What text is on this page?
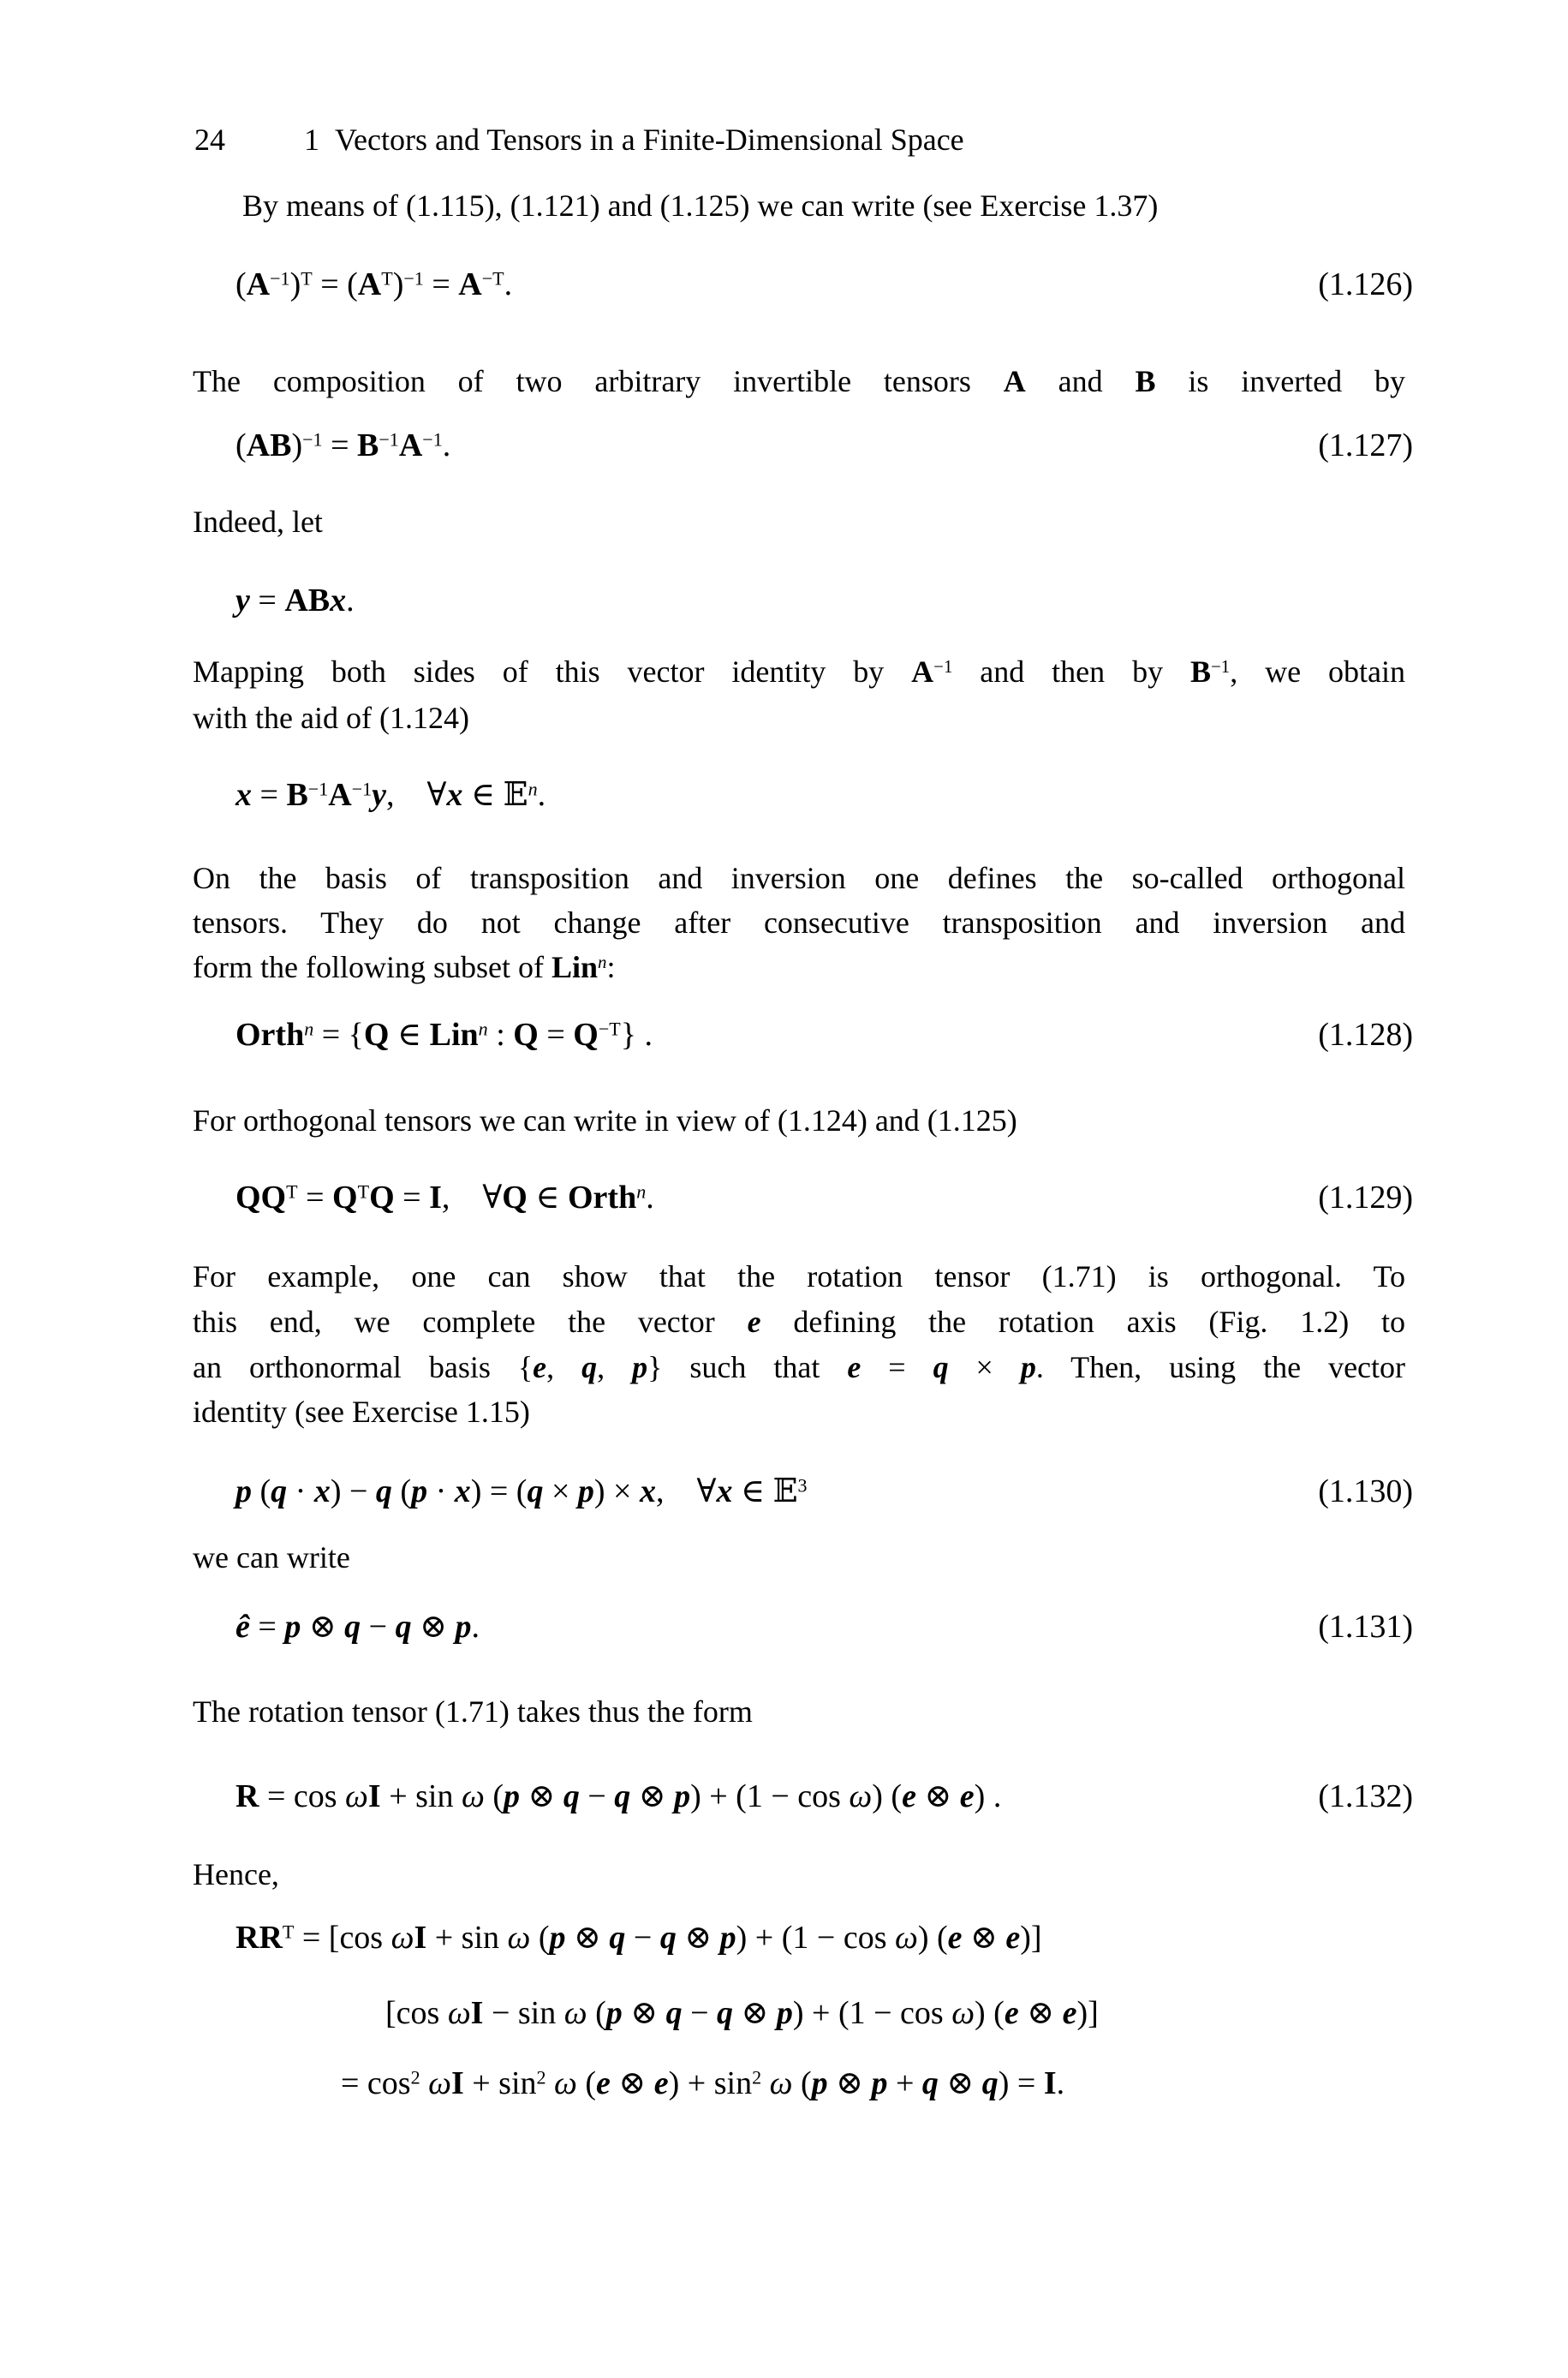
24	1 Vectors and Tensors in a Finite-Dimensional Space
By means of (1.115), (1.121) and (1.125) we can write (see Exercise 1.37)
$(A^{-1})^T = (A^T)^{-1} = A^{-T}$.	(1.126)
The composition of two arbitrary invertible tensors A and B is inverted by
$(AB)^{-1} = B^{-1}A^{-1}$.	(1.127)
Indeed, let
y = ABx.
Mapping both sides of this vector identity by $A^{-1}$ and then by $B^{-1}$, we obtain
with the aid of (1.124)
$x = B^{-1}A^{-1}y$,  ∀x ∈ 𝔼$^n$.
On the basis of transposition and inversion one defines the so-called orthogonal
tensors. They do not change after consecutive transposition and inversion and
form the following subset of Lin$^n$:
Orth$^n$ = {Q ∈ Lin$^n$ : $Q = Q^{-T}$} .	(1.128)
For orthogonal tensors we can write in view of (1.124) and (1.125)
$QQ^T = Q^TQ = I$,  ∀Q ∈ Orth$^n$.	(1.129)
For example, one can show that the rotation tensor (1.71) is orthogonal. To
this end, we complete the vector e defining the rotation axis (Fig. 1.2) to
an orthonormal basis {e, q, p} such that e = q × p. Then, using the vector
identity (see Exercise 1.15)
p (q · x) − q (p · x) = (q × p) × x,  ∀x ∈ 𝔼$^3$	(1.130)
we can write
ê = p ⊗ q − q ⊗ p.	(1.131)
The rotation tensor (1.71) takes thus the form
R = cos ωI + sin ω (p ⊗ q − q ⊗ p) + (1 − cos ω) (e ⊗ e) .	(1.132)
Hence,
$RR^T = [\cos$ ωI + sin ω (p ⊗ q − q ⊗ p) + (1 − cos ω) (e ⊗ e)]
[cos ωI − sin ω (p ⊗ q − q ⊗ p) + (1 − cos ω) (e ⊗ e)]
= $\cos^2 \omega I + \sin^2 \omega$ (e ⊗ $e) + \sin^2 \omega$ (p ⊗ p + q ⊗ q) = I.
